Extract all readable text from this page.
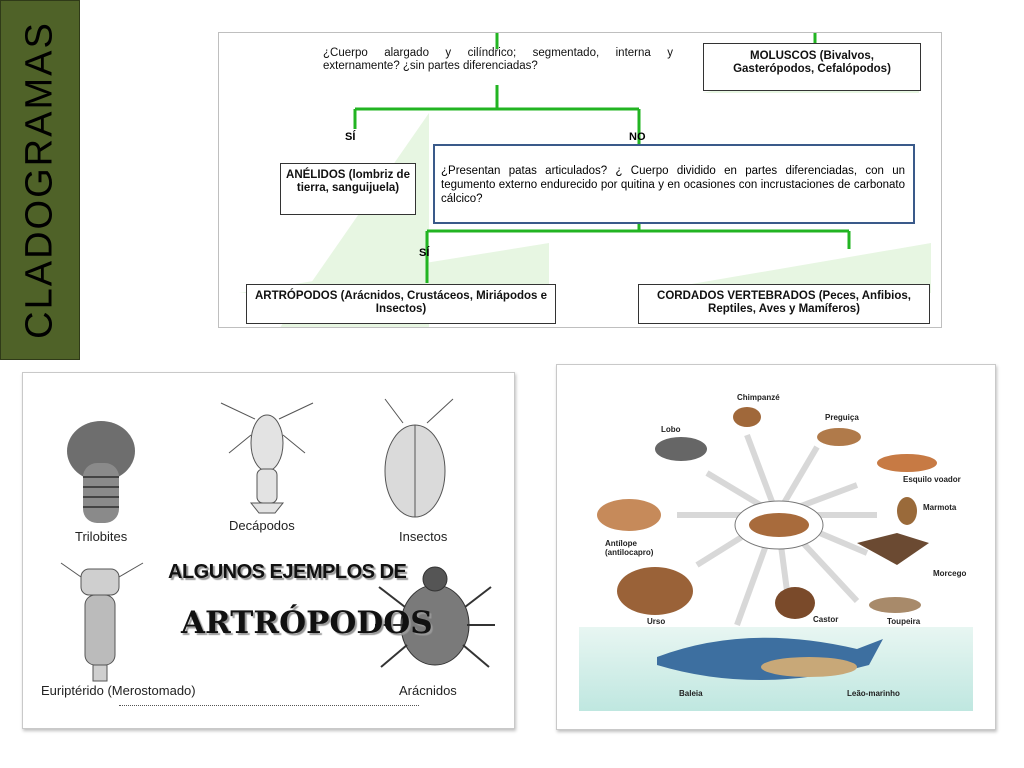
CLADOGRAMAS	¿Cuerpo alargado y cilíndrico; segmentado, interna y externamente? ¿sin partes diferenciadas?
MOLUSCOS (Bivalvos, Gasterópodos, Cefalópodos)
SÍ	NO
ANÉLIDOS (lombriz de tierra, sanguijuela)
¿Presentan patas articulados? ¿ Cuerpo dividido en partes diferenciadas, con un tegumento externo endurecido por quitina y en ocasiones con incrustaciones de carbonato cálcico?
SÍ
ARTRÓPODOS (Arácnidos, Crustáceos, Miriápodos e Insectos)
CORDADOS VERTEBRADOS (Peces, Anfibios, Reptiles, Aves y Mamíferos)
Trilobites
Decápodos
Insectos
Euriptérido (Merostomado)	Arácnidos
ALGUNOS EJEMPLOS DE
ARTRÓPODOS
Chimpanzé
Preguiça
Lobo
Esquilo voador
Marmota
Antílope (antilocapro)
Morcego
Urso	Castor	Toupeira
Baleia	Leão-marinho
